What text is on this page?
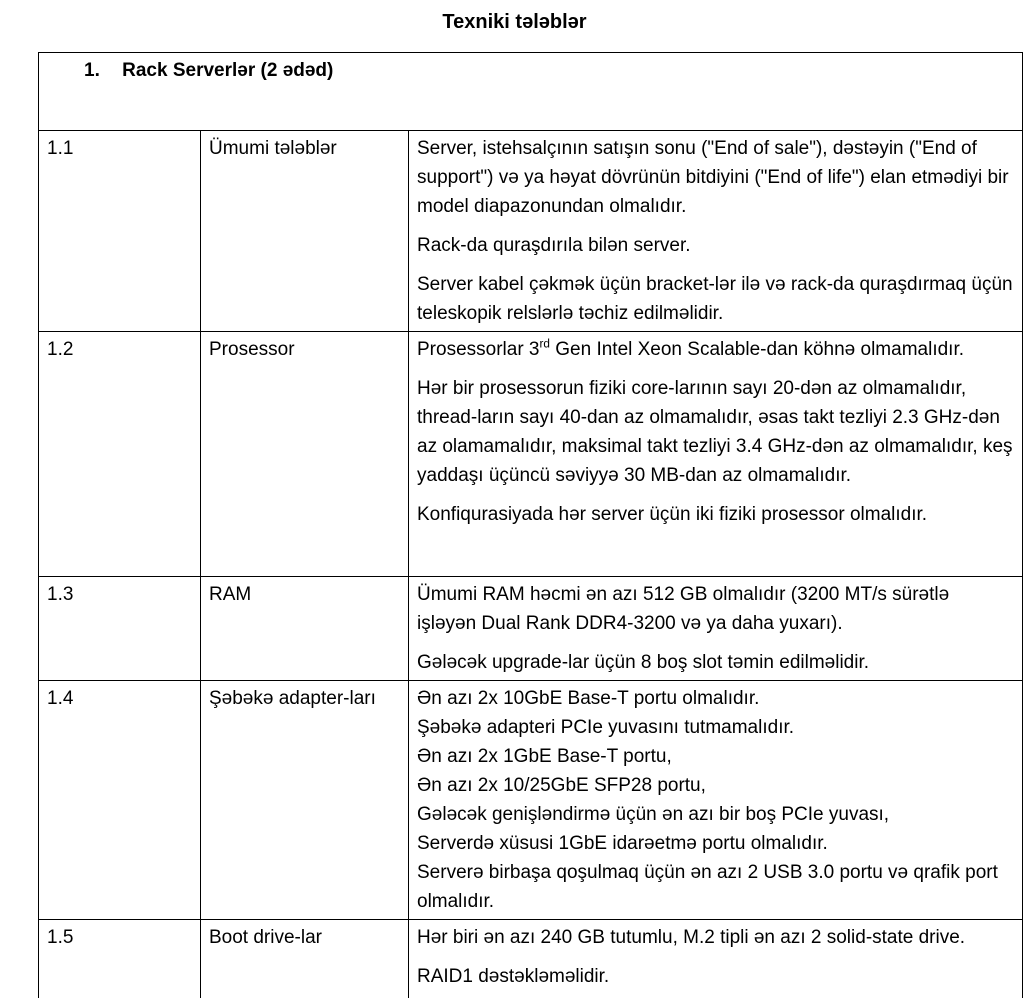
Texniki tələblər
1. Rack Serverlər (2 ədəd)		
1.1	Ümumi tələblər	Server, istehsalçının satışın sonu ("End of sale"), dəstəyin ("End of support") və ya həyat dövrünün bitdiyini ("End of life") elan etmədiyi bir model diapazonundan olmalıdır.

Rack-da quraşdırıla bilən server.

Server kabel çəkmək üçün bracket-lər ilə və rack-da quraşdırmaq üçün teleskopik relslərlə təchiz edilməlidir.

1.2	Prosessor	Prosessorlar 3rd Gen Intel Xeon Scalable-dan köhnə olmamalıdır.

Hər bir prosessorun fiziki core-larının sayı 20-dən az olmamalıdır, thread-ların sayı 40-dan az olmamalıdır, əsas takt tezliyi 2.3 GHz-dən az olamamalıdır, maksimal takt tezliyi 3.4 GHz-dən az olmamalıdır, keş yaddaşı üçüncü səviyyə 30 MB-dan az olmamalıdır.

Konfiqurasiyada hər server üçün iki fiziki prosessor olmalıdır.

1.3	RAM	Ümumi RAM həcmi ən azı 512 GB olmalıdır (3200 MT/s sürətlə işləyən Dual Rank DDR4-3200 və ya daha yuxarı).

Gələcək upgrade-lar üçün 8 boş slot təmin edilməlidir.

1.4	Şəbəkə adapter-ları	Ən azı 2x 10GbE Base-T portu olmalıdır.

Şəbəkə adapteri PCIe yuvasını tutmamalıdır.

Ən azı 2x 1GbE Base-T portu,

Ən azı 2x 10/25GbE SFP28 portu,

Gələcək genişləndirmə üçün ən azı bir boş PCIe yuvası,

Serverdə xüsusi 1GbE idarəetmə portu olmalıdır.

Serverə birbaşa qoşulmaq üçün ən azı 2 USB 3.0 portu və qrafik port olmalıdır.

1.5	Boot drive-lar	Hər biri ən azı 240 GB tutumlu, M.2 tipli ən azı 2 solid-state drive.

RAID1 dəstəkləməlidir.
